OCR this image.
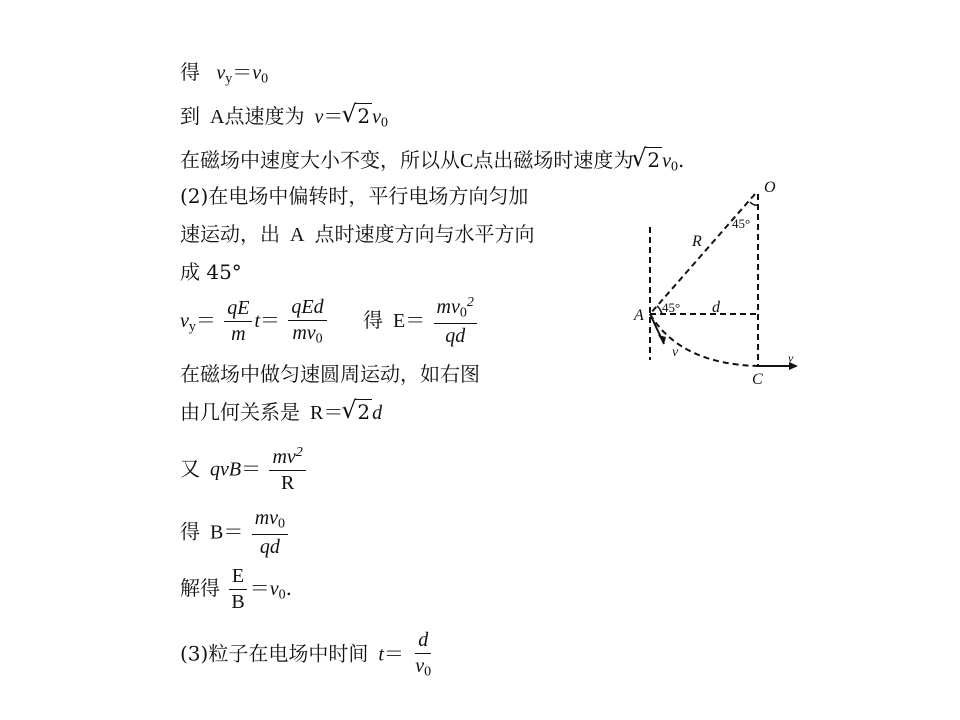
得 $v_y=v_0$
到 A点速度为 v＝ √ 2 $v_0$
在磁场中速度大小不变，所以从C点出磁场时速度为 √ 2 $v_0$.
(2)在电场中偏转时，平行电场方向匀加
速运动，出 A 点时速度方向与水平方向
成 45°
$v_y= \frac{qE}{m} t= \frac{\text{qEd}}{mv_0}$ 得 $E= \frac{mv_0^2}{qd}$
在磁场中做匀速圆周运动，如右图
由几何关系是 R＝ √ 2 d
又 $qvB= \frac{mv^2}{R}$
得 $B= \frac{mv_0}{qd}$
解得 $\frac{E}{B} =v_0$.
(3)粒子在电场中时间 $t= \frac{d}{v_0}$
O
R
45°
A 45° d
v
C
v
